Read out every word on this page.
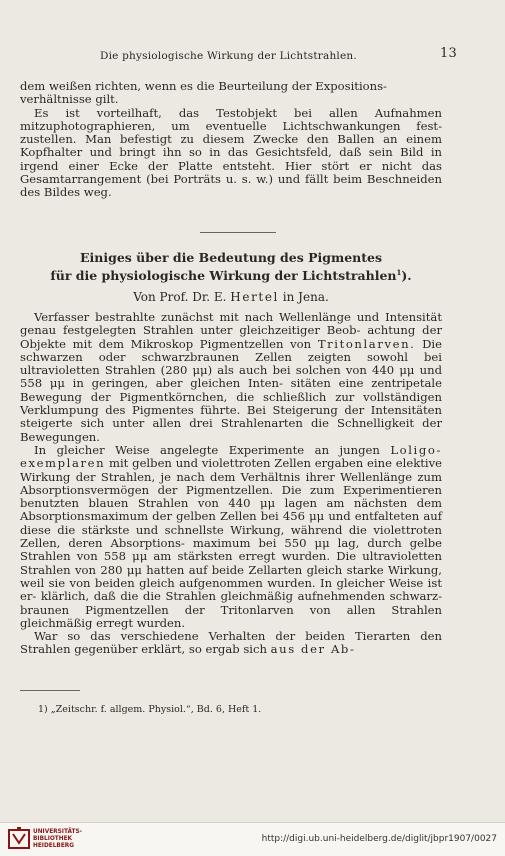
Die physiologische Wirkung der Lichtstrahlen.	13

dem weißen richten, wenn es die Beurteilung der Expositions-

verhältnisse gilt.

Es ist vorteilhaft, das Testobjekt bei allen Aufnahmen mitzuphotographieren, um eventuelle Lichtschwankungen fest- zustellen. Man befestigt zu diesem Zwecke den Ballen an einem Kopfhalter und bringt ihn so in das Gesichtsfeld, daß sein Bild in irgend einer Ecke der Platte entsteht. Hier stört er nicht das Gesamtarrangement (bei Porträts u. s. w.) und fällt beim Beschneiden des Bildes weg.

Einiges über die Bedeutung des Pigmentes
für die physiologische Wirkung der Lichtstrahlen$^1$).
Von Prof. Dr. E. Hertel in Jena.

Verfasser bestrahlte zunächst mit nach Wellenlänge und Intensität genau festgelegten Strahlen unter gleichzeitiger Beob- achtung der Objekte mit dem Mikroskop Pigmentzellen von Tritonlarven. Die schwarzen oder schwarzbraunen Zellen zeigten sowohl bei ultravioletten Strahlen (280 μμ) als auch bei solchen von 440 μμ und 558 μμ in geringen, aber gleichen Inten- sitäten eine zentripetale Bewegung der Pigmentkörnchen, die schließlich zur vollständigen Verklumpung des Pigmentes führte. Bei Steigerung der Intensitäten steigerte sich unter allen drei Strahlenarten die Schnelligkeit der Bewegungen.

In gleicher Weise angelegte Experimente an jungen Loligo- exemplaren mit gelben und violettroten Zellen ergaben eine elektive Wirkung der Strahlen, je nach dem Verhältnis ihrer Wellenlänge zum Absorptionsvermögen der Pigmentzellen. Die zum Experimentieren benutzten blauen Strahlen von 440 μμ lagen am nächsten dem Absorptionsmaximum der gelben Zellen bei 456 μμ und entfalteten auf diese die stärkste und schnellste Wirkung, während die violettroten Zellen, deren Absorptions- maximum bei 550 μμ lag, durch gelbe Strahlen von 558 μμ am stärksten erregt wurden. Die ultravioletten Strahlen von 280 μμ hatten auf beide Zellarten gleich starke Wirkung, weil sie von beiden gleich aufgenommen wurden. In gleicher Weise ist er- klärlich, daß die die Strahlen gleichmäßig aufnehmenden schwarz- braunen Pigmentzellen der Tritonlarven von allen Strahlen gleichmäßig erregt wurden.

War so das verschiedene Verhalten der beiden Tierarten den Strahlen gegenüber erklärt, so ergab sich aus der Ab-

1) „Zeitschr. f. allgem. Physiol.“, Bd. 6, Heft 1.
UNIVERSITÄTS-
BIBLIOTHEK
HEIDELBERG
http://digi.ub.uni-heidelberg.de/diglit/jbpr1907/0027
